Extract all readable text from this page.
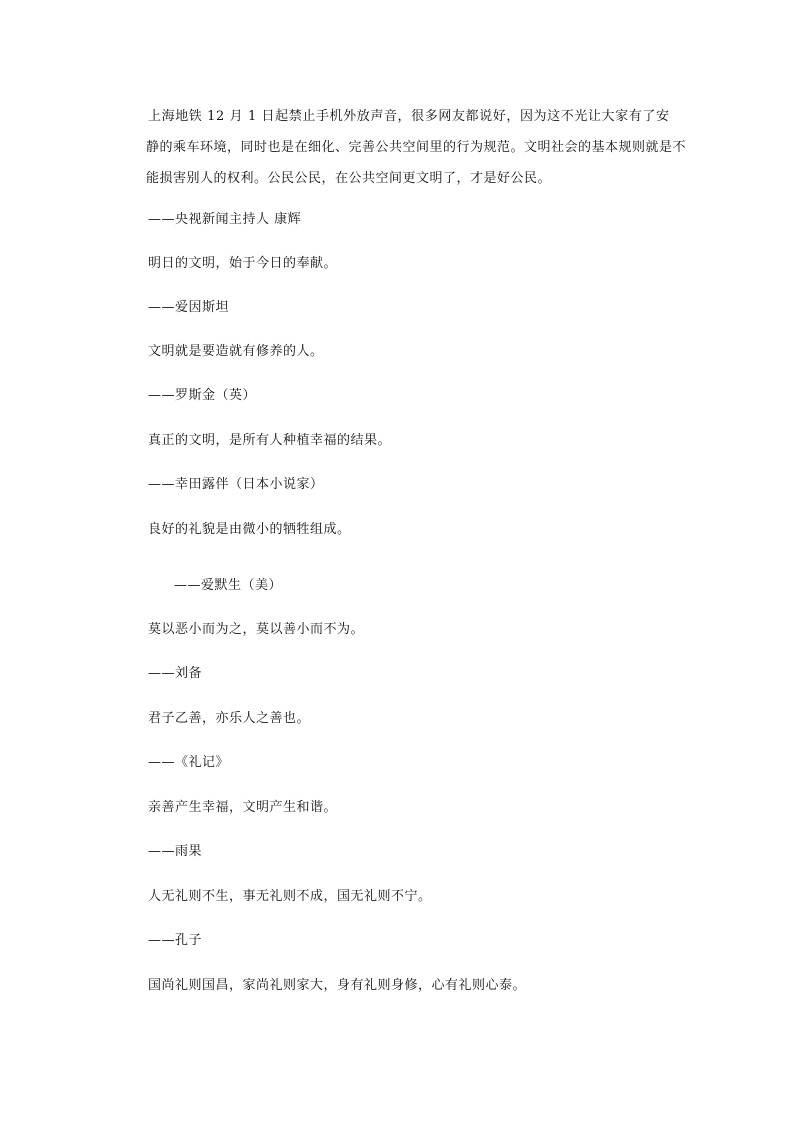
上海地铁 12 月 1 日起禁止手机外放声音，很多网友都说好，因为这不光让大家有了安
静的乘车环境，同时也是在细化、完善公共空间里的行为规范。文明社会的基本规则就是不
能损害别人的权利。公民公民，在公共空间更文明了，才是好公民。
——央视新闻主持人 康辉
明日的文明，始于今日的奉献。
——爱因斯坦
文明就是要造就有修养的人。
——罗斯金（英）
真正的文明，是所有人种植幸福的结果。
——幸田露伴（日本小说家）
良好的礼貌是由微小的牺牲组成。
——爱默生（美）
莫以恶小而为之，莫以善小而不为。
——刘备
君子乙善，亦乐人之善也。
——《礼记》
亲善产生幸福，文明产生和谐。
——雨果
人无礼则不生，事无礼则不成，国无礼则不宁。
——孔子
国尚礼则国昌，家尚礼则家大，身有礼则身修，心有礼则心泰。
